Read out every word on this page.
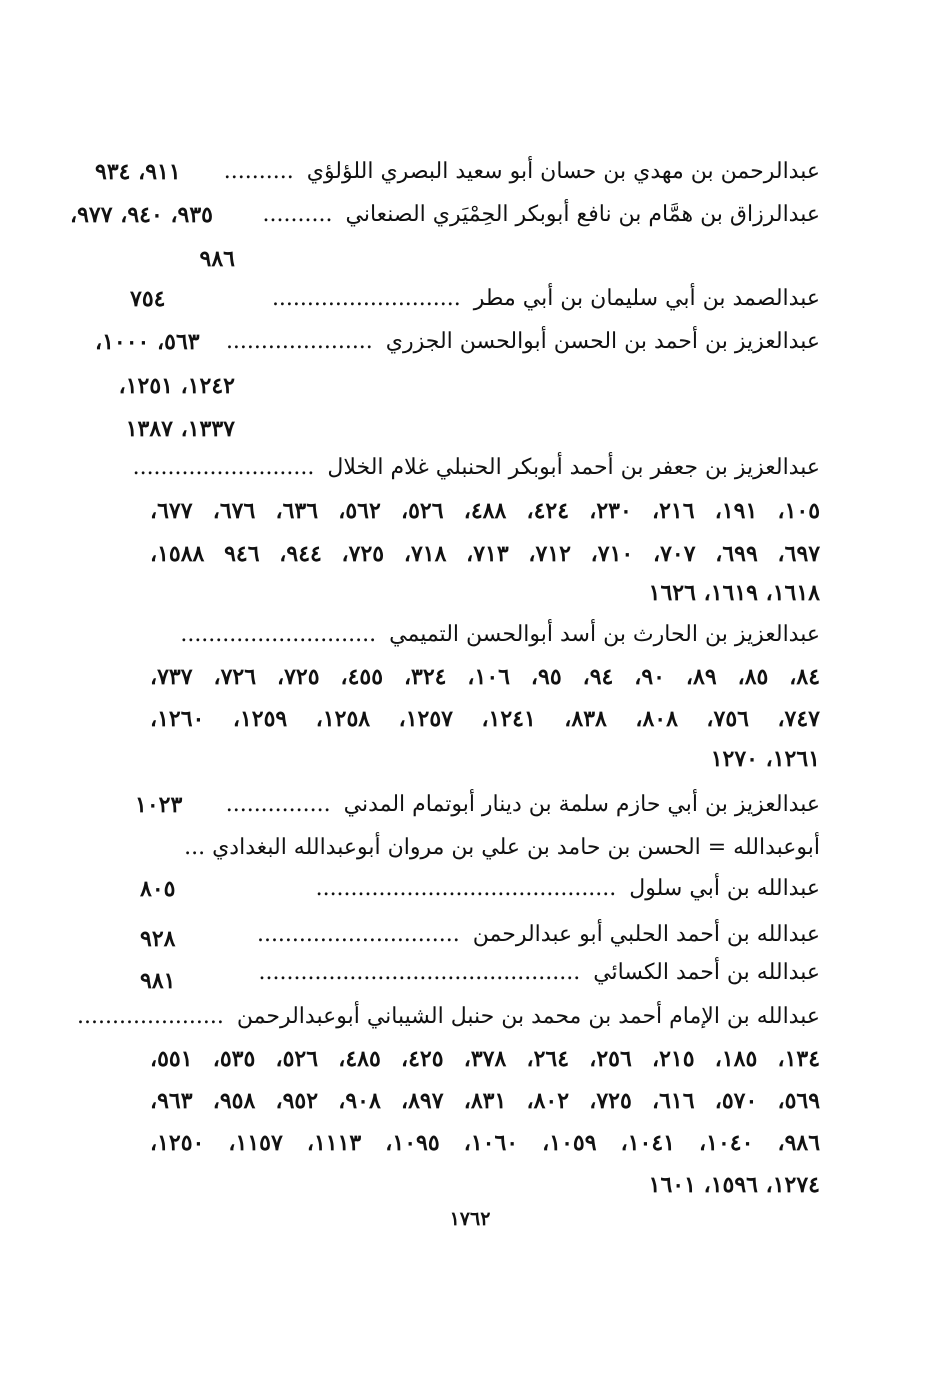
عبدالرحمن بن مهدي بن حسان أبو سعيد البصري اللؤلؤي ..........
٩١١، ٩٣٤
عبدالرزاق بن همَّام بن نافع أبوبكر الحِمْيَري الصنعاني ..........
٩٣٥، ٩٤٠، ٩٧٧،
٩٨٦
عبدالصمد بن أبي سليمان بن أبي مطر ...........................
٧٥٤
عبدالعزيز بن أحمد بن الحسن أبوالحسن الجزري .....................
٥٦٣، ١٠٠٠،
١٢٤٢، ١٢٥١،
١٣٣٧، ١٣٨٧
عبدالعزيز بن جعفر بن أحمد أبوبكر الحنبلي غلام الخلال ..........................
١٠٥، ١٩١، ٢١٦، ٢٣٠، ٤٢٤، ٤٨٨، ٥٢٦، ٥٦٢، ٦٣٦، ٦٧٦، ٦٧٧،
٦٩٧، ٦٩٩، ٧٠٧، ٧١٠، ٧١٢، ٧١٣، ٧١٨، ٧٢٥، ٩٤٤، ٩٤٦ ١٥٨٨،
١٦١٨، ١٦١٩، ١٦٢٦
عبدالعزيز بن الحارث بن أسد أبوالحسن التميمي ............................
٨٤، ٨٥، ٨٩، ٩٠، ٩٤، ٩٥، ١٠٦، ٣٢٤، ٤٥٥، ٧٢٥، ٧٢٦، ٧٣٧،
٧٤٧، ٧٥٦، ٨٠٨، ٨٣٨، ١٢٤١، ١٢٥٧، ١٢٥٨، ١٢٥٩، ١٢٦٠،
١٢٦١، ١٢٧٠
عبدالعزيز بن أبي حازم سلمة بن دينار أبوتمام المدني ...............
١٠٢٣
أبوعبدالله = الحسن بن حامد بن علي بن مروان أبوعبدالله البغدادي ...
عبدالله بن أبي سلول ...........................................
٨٠٥
عبدالله بن أحمد الحلبي أبو عبدالرحمن .............................
٩٢٨
عبدالله بن أحمد الكسائي ..............................................
٩٨١
عبدالله بن الإمام أحمد بن محمد بن حنبل الشيباني أبوعبدالرحمن .....................
١٣٤، ١٨٥، ٢١٥، ٢٥٦، ٢٦٤، ٣٧٨، ٤٢٥، ٤٨٥، ٥٢٦، ٥٣٥، ٥٥١،
٥٦٩، ٥٧٠، ٦١٦، ٧٢٥، ٨٠٢، ٨٣١، ٨٩٧، ٩٠٨، ٩٥٢، ٩٥٨، ٩٦٣،
٩٨٦، ١٠٤٠، ١٠٤١، ١٠٥٩، ١٠٦٠، ١٠٩٥، ١١١٣، ١١٥٧، ١٢٥٠،
١٢٧٤، ١٥٩٦، ١٦٠١
١٧٦٢
